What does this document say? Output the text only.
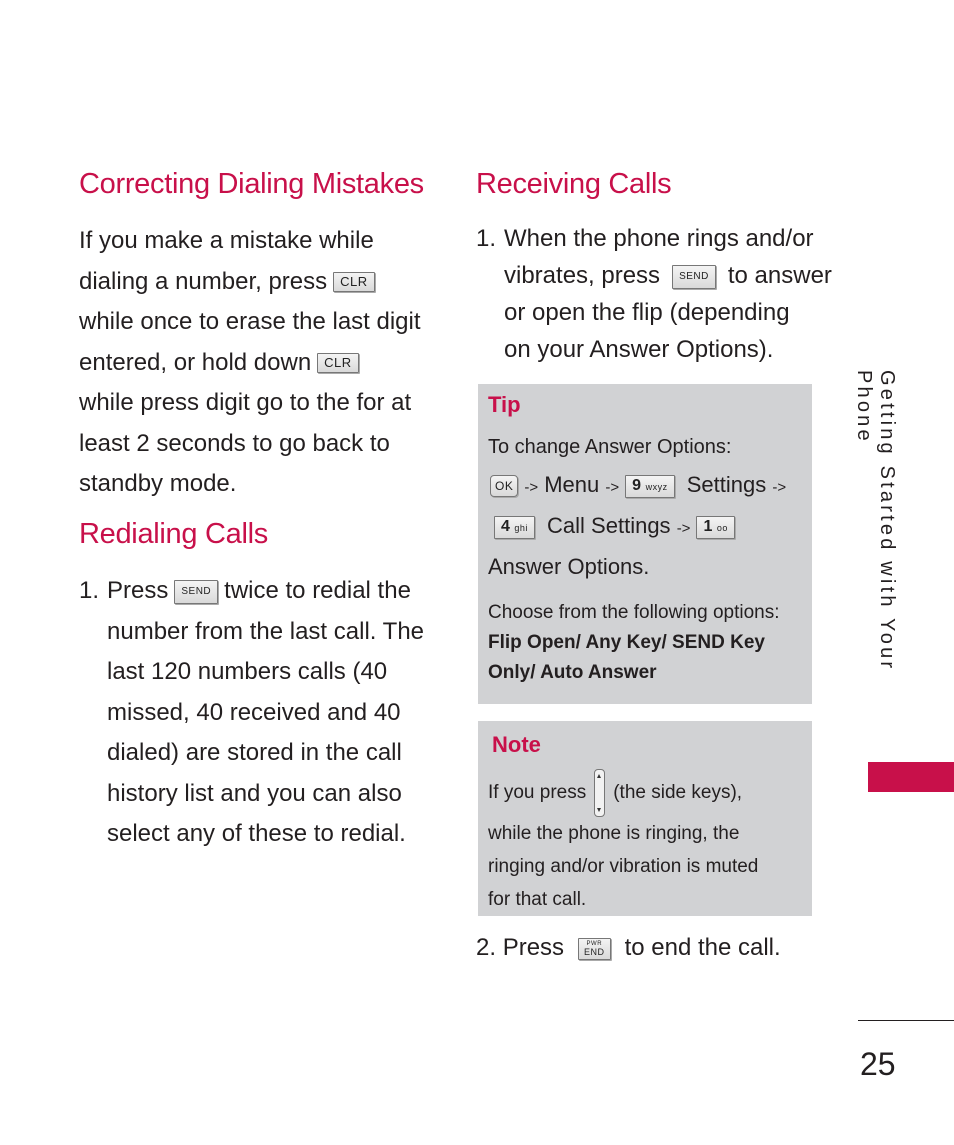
Correcting Dialing Mistakes
If you make a mistake while
dialing a number, press CLR
while once to erase the last digit
entered, or hold down CLR
while press digit go to the for at
least 2 seconds to go back to
standby mode.
Redialing Calls
1. Press SEND twice to redial the
number from the last call. The
last 120 numbers calls (40
missed, 40 received and 40
dialed) are stored in the call
history list and you can also
select any of these to redial.
Receiving Calls
1. When the phone rings and/or
vibrates, press SEND to answer
or open the flip (depending
on your Answer Options).
Tip
To change Answer Options:
OK -> Menu -> 9 wxyz Settings ->
4 ghi Call Settings -> 1 oo
Answer Options.
Choose from the following options:
Flip Open/ Any Key/ SEND Key
Only/ Auto Answer
Note
If you press (the side keys),
while the phone is ringing, the
ringing and/or vibration is muted
for that call.
2. Press	PWR
END to end the call.
Getting Started with Your Phone
25
